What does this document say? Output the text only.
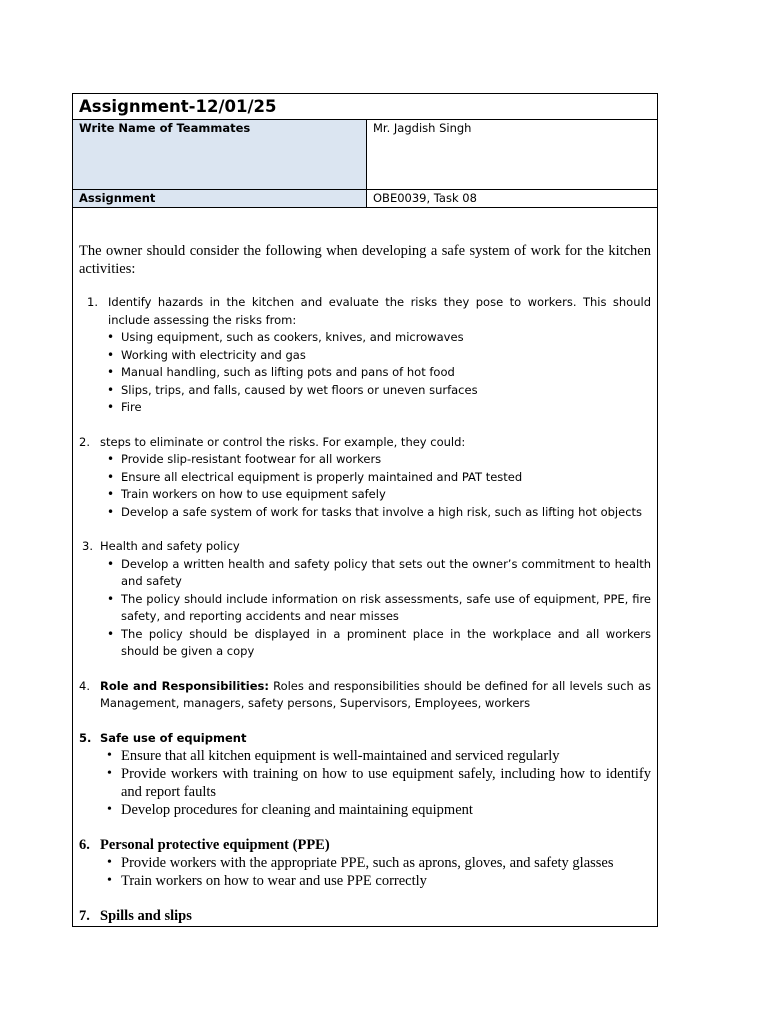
Assignment-12/01/25
Write Name of Teammates	Mr. Jagdish Singh
Assignment	OBE0039, Task 08
The owner should consider the following when developing a safe system of work for the kitchen activities:
1. Identify hazards in the kitchen and evaluate the risks they pose to workers. This should include assessing the risks from:
• Using equipment, such as cookers, knives, and microwaves
• Working with electricity and gas
• Manual handling, such as lifting pots and pans of hot food
• Slips, trips, and falls, caused by wet floors or uneven surfaces
• Fire
2. steps to eliminate or control the risks. For example, they could:
• Provide slip-resistant footwear for all workers
• Ensure all electrical equipment is properly maintained and PAT tested
• Train workers on how to use equipment safely
• Develop a safe system of work for tasks that involve a high risk, such as lifting hot objects
3. Health and safety policy
• Develop a written health and safety policy that sets out the owner’s commitment to health and safety
• The policy should include information on risk assessments, safe use of equipment, PPE, fire safety, and reporting accidents and near misses
• The policy should be displayed in a prominent place in the workplace and all workers should be given a copy
4. Role and Responsibilities: Roles and responsibilities should be defined for all levels such as Management, managers, safety persons, Supervisors, Employees, workers
5. Safe use of equipment
• Ensure that all kitchen equipment is well-maintained and serviced regularly
• Provide workers with training on how to use equipment safely, including how to identify and report faults
• Develop procedures for cleaning and maintaining equipment
6. Personal protective equipment (PPE)
• Provide workers with the appropriate PPE, such as aprons, gloves, and safety glasses
• Train workers on how to wear and use PPE correctly
7. Spills and slips
